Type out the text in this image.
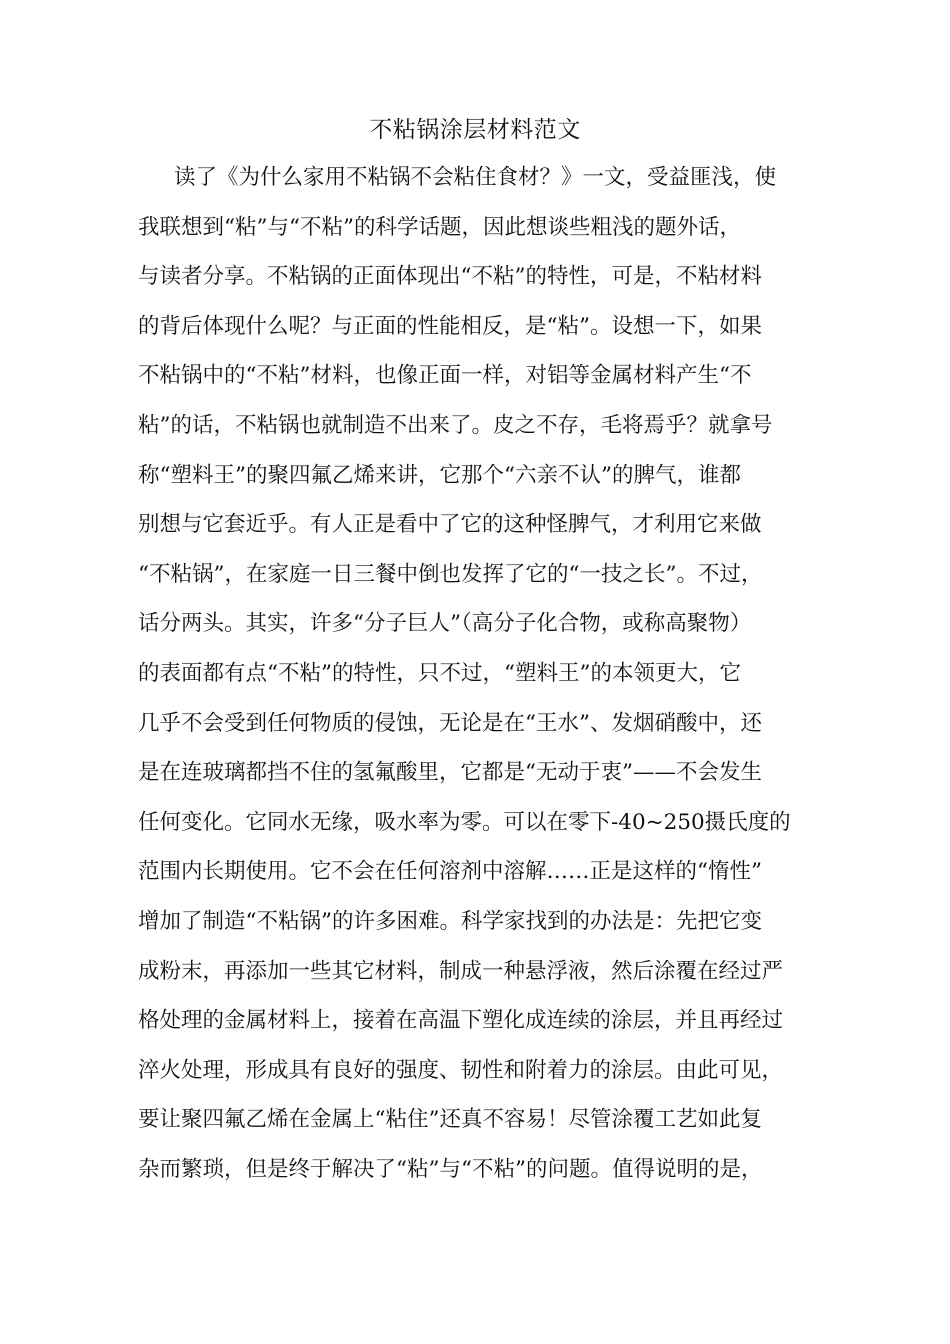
不粘锅涂层材料范文
读了《为什么家用不粘锅不会粘住食材？》一文，受益匪浅，使
我联想到“粘”与“不粘”的科学话题，因此想谈些粗浅的题外话，
与读者分享。不粘锅的正面体现出“不粘”的特性，可是，不粘材料
的背后体现什么呢？与正面的性能相反，是“粘”。设想一下，如果
不粘锅中的“不粘”材料，也像正面一样，对铝等金属材料产生“不
粘”的话，不粘锅也就制造不出来了。皮之不存，毛将焉乎？就拿号
称“塑料王”的聚四氟乙烯来讲，它那个“六亲不认”的脾气，谁都
别想与它套近乎。有人正是看中了它的这种怪脾气，才利用它来做
“不粘锅”，在家庭一日三餐中倒也发挥了它的“一技之长”。不过，
话分两头。其实，许多“分子巨人”（高分子化合物，或称高聚物）
的表面都有点“不粘”的特性，只不过，“塑料王”的本领更大，它
几乎不会受到任何物质的侵蚀，无论是在“王水”、发烟硝酸中，还
是在连玻璃都挡不住的氢氟酸里，它都是“无动于衷”——不会发生
任何变化。它同水无缘，吸水率为零。可以在零下-40~250摄氏度的
范围内长期使用。它不会在任何溶剂中溶解……正是这样的“惰性”
增加了制造“不粘锅”的许多困难。科学家找到的办法是：先把它变
成粉末，再添加一些其它材料，制成一种悬浮液，然后涂覆在经过严
格处理的金属材料上，接着在高温下塑化成连续的涂层，并且再经过
淬火处理，形成具有良好的强度、韧性和附着力的涂层。由此可见，
要让聚四氟乙烯在金属上“粘住”还真不容易！尽管涂覆工艺如此复
杂而繁琐，但是终于解决了“粘”与“不粘”的问题。值得说明的是，
